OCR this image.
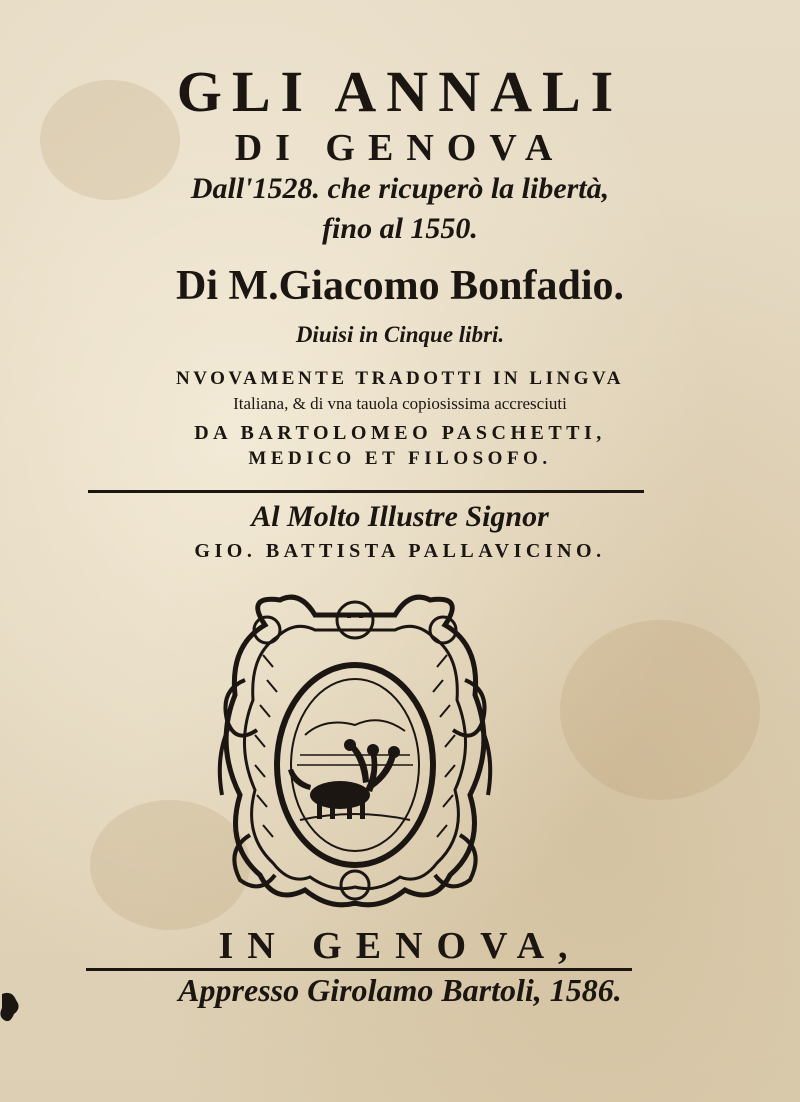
GLI ANNALI

DI GENOVA

Dall'1528. che ricuperò la libertà,

fino al 1550.

Di M.Giacomo Bonfadio.

Diuisi in Cinque libri.

NVOVAMENTE TRADOTTI IN LINGVA

Italiana, & di vna tauola copiosissima accresciuti

DA BARTOLOMEO PASCHETTI,

MEDICO ET FILOSOFO.

Al Molto Illustre Signor

GIO. BATTISTA PALLAVICINO.

IN GENOVA,

Appresso Girolamo Bartoli, 1586.
